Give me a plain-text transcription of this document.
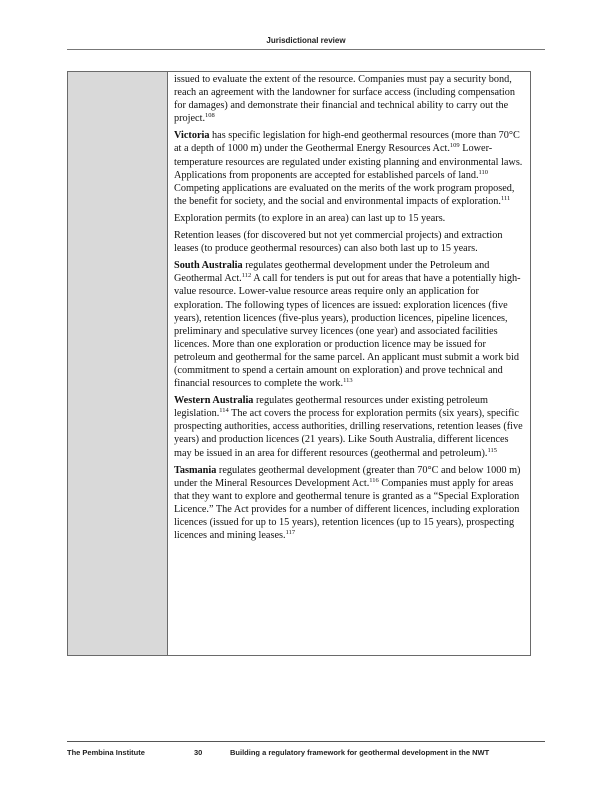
Jurisdictional review

issued to evaluate the extent of the resource. Companies must pay a security bond, reach an agreement with the landowner for surface access (including compensation for damages) and demonstrate their financial and technical ability to carry out the project.$^{108}$

Victoria has specific legislation for high-end geothermal resources (more than 70°C at a depth of 1000 m) under the Geothermal Energy Resources Act.$^{109}$ Lower-temperature resources are regulated under existing planning and environmental laws. Applications from proponents are accepted for established parcels of land.$^{110}$ Competing applications are evaluated on the merits of the work program proposed, the benefit for society, and the social and environmental impacts of exploration.$^{111}$

Exploration permits (to explore in an area) can last up to 15 years.

Retention leases (for discovered but not yet commercial projects) and extraction leases (to produce geothermal resources) can also both last up to 15 years.

South Australia regulates geothermal development under the Petroleum and Geothermal Act.$^{112}$ A call for tenders is put out for areas that have a potentially high-value resource. Lower-value resource areas require only an application for exploration. The following types of licences are issued: exploration licences (five years), retention licences (five-plus years), production licences, pipeline licences, preliminary and speculative survey licences (one year) and associated facilities licences. More than one exploration or production licence may be issued for petroleum and geothermal for the same parcel. An applicant must submit a work bid (commitment to spend a certain amount on exploration) and prove technical and financial resources to complete the work.$^{113}$

Western Australia regulates geothermal resources under existing petroleum legislation.$^{114}$ The act covers the process for exploration permits (six years), specific prospecting authorities, access authorities, drilling reservations, retention leases (five years) and production licences (21 years). Like South Australia, different licences may be issued in an area for different resources (geothermal and petroleum).$^{115}$

Tasmania regulates geothermal development (greater than 70°C and below 1000 m) under the Mineral Resources Development Act.$^{116}$ Companies must apply for areas that they want to explore and geothermal tenure is granted as a “Special Exploration Licence.” The Act provides for a number of different licences, including exploration licences (issued for up to 15 years), retention licences (up to 15 years), prospecting licences and mining leases.$^{117}$

The Pembina Institute	30	Building a regulatory framework for geothermal development in the NWT
